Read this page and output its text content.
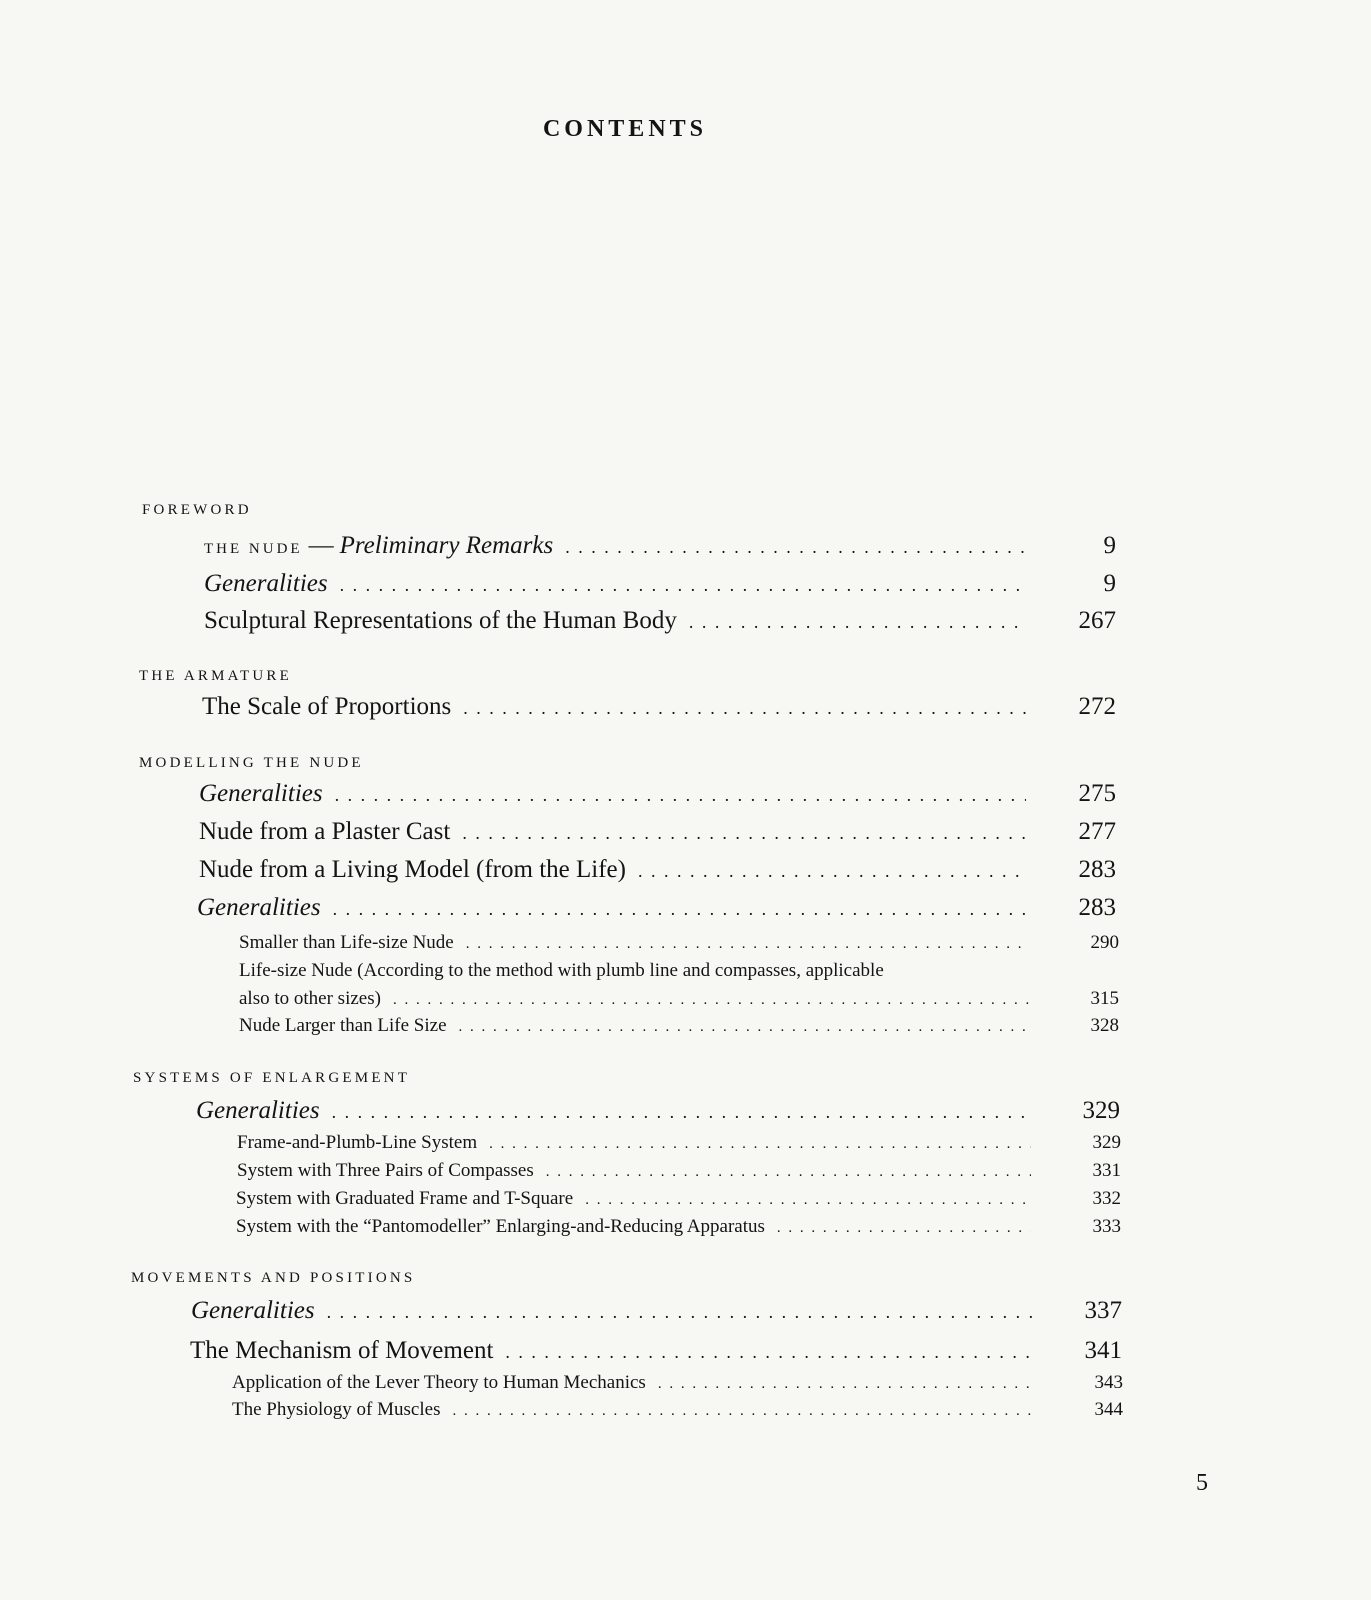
CONTENTS
FOREWORD
THE NUDE — Preliminary Remarks . . .	9
Generalities . . .	9
Sculptural Representations of the Human Body . . .	267
THE ARMATURE
The Scale of Proportions . . .	272
MODELLING THE NUDE
Generalities . . .	275
Nude from a Plaster Cast . . .	277
Nude from a Living Model (from the Life) . . .	283
Generalities . . .	283
Smaller than Life-size Nude . . .	290
Life-size Nude (According to the method with plumb line and compasses, applicable
also to other sizes) . . .	315
Nude Larger than Life Size . . .	328
SYSTEMS OF ENLARGEMENT
Generalities . . .	329
Frame-and-Plumb-Line System . . .	329
System with Three Pairs of Compasses . . .	331
System with Graduated Frame and T-Square . . .	332
System with the “Pantomodeller” Enlarging-and-Reducing Apparatus . . .	333
MOVEMENTS AND POSITIONS
Generalities . . .	337
The Mechanism of Movement . . .	341
Application of the Lever Theory to Human Mechanics . . .	343
The Physiology of Muscles . . .	344
5
